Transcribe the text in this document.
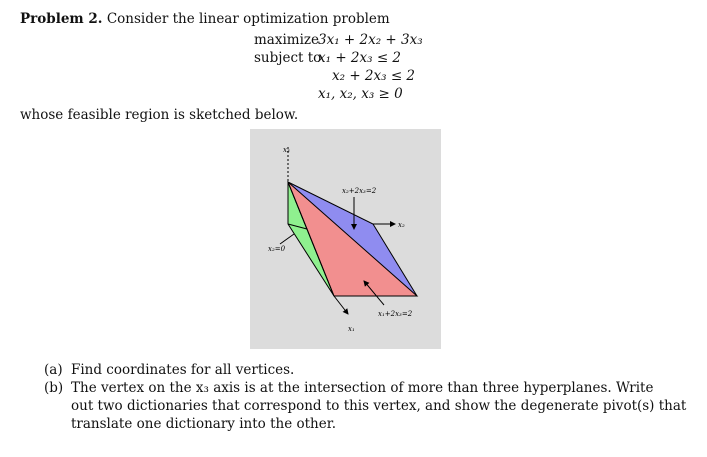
Problem 2. Consider the linear optimization problem
maximize
3x₁ + 2x₂ + 3x₃
subject to
x₁ + 2x₃ ≤ 2
x₂ + 2x₃ ≤ 2
x₁, x₂, x₃ ≥ 0
whose feasible region is sketched below.
x₃
x₂
x₁
x₂+2x₃=2
x₁+2x₃=2
x₂=0
(a) Find coordinates for all vertices.
(b) The vertex on the x₃ axis is at the intersection of more than three hyperplanes. Write
out two dictionaries that correspond to this vertex, and show the degenerate pivot(s) that
translate one dictionary into the other.
